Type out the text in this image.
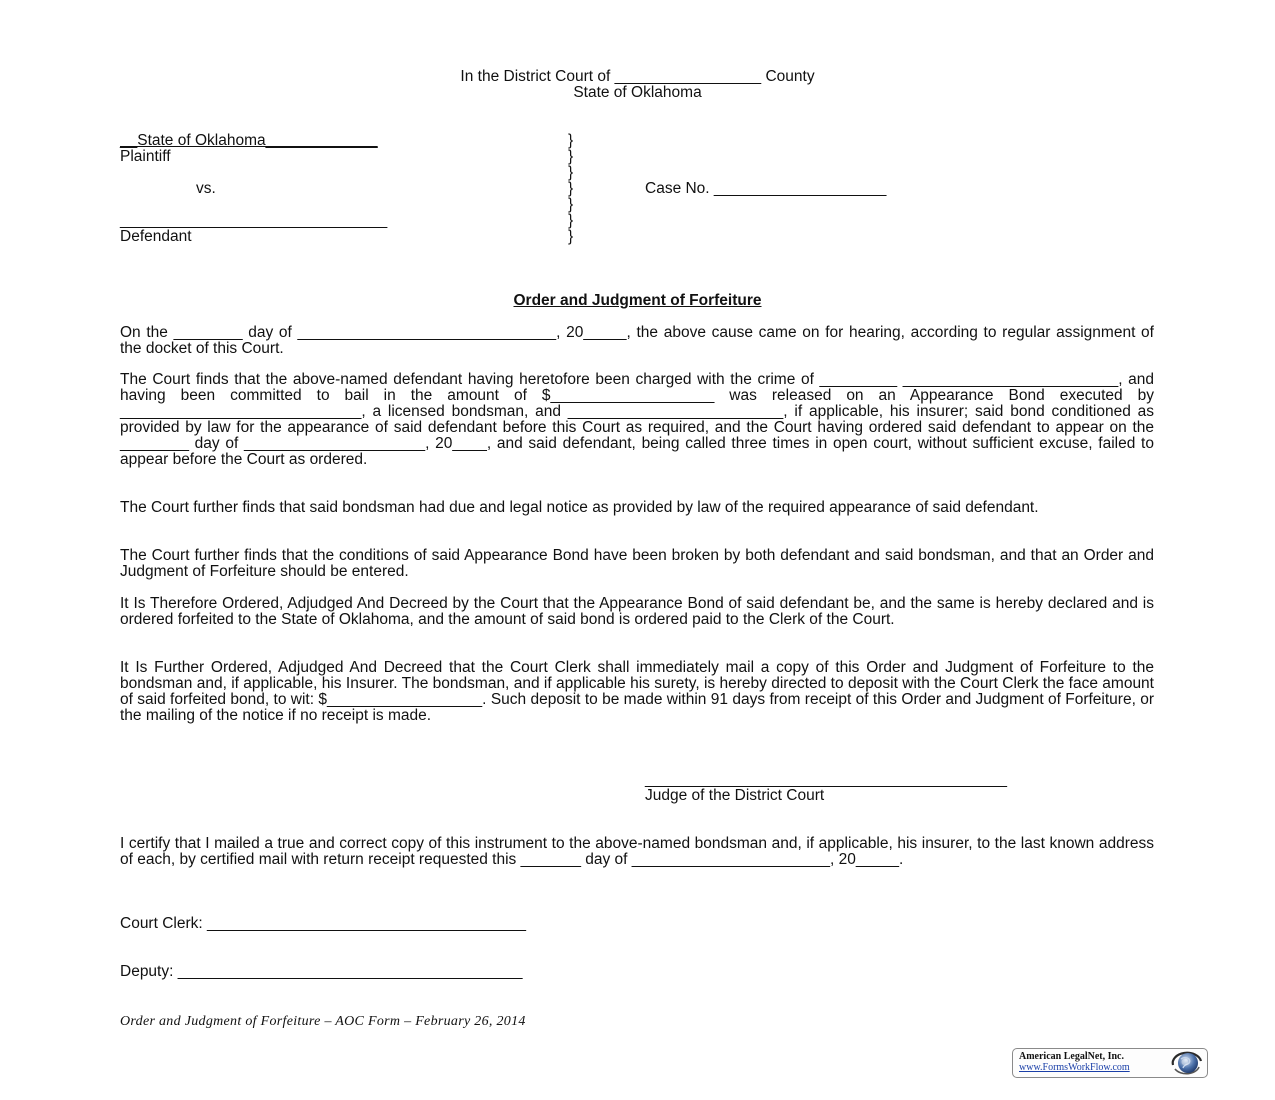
In the District Court of _________________ County
State of Oklahoma
__State of Oklahoma_____________
Plaintiff
vs.
_______________________________
Defendant
}
}
}
}
}
}
}
Case No. ____________________
Order and Judgment of Forfeiture
On the ________ day of ______________________________, 20_____, the above cause came on for hearing, according to regular assignment of the docket of this Court.
The Court finds that the above-named defendant having heretofore been charged with the crime of _________ _________________________, and having been committed to bail in the amount of $___________________ was released on an Appearance Bond executed by ____________________________, a licensed bondsman, and _________________________, if applicable, his insurer; said bond conditioned as provided by law for the appearance of said defendant before this Court as required, and the Court having ordered said defendant to appear on the ________ day of _____________________, 20____, and said defendant, being called three times in open court, without sufficient excuse, failed to appear before the Court as ordered.
The Court further finds that said bondsman had due and legal notice as provided by law of the required appearance of said defendant.
The Court further finds that the conditions of said Appearance Bond have been broken by both defendant and said bondsman, and that an Order and Judgment of Forfeiture should be entered.
It Is Therefore Ordered, Adjudged And Decreed by the Court that the Appearance Bond of said defendant be, and the same is hereby declared and is ordered forfeited to the State of Oklahoma, and the amount of said bond is ordered paid to the Clerk of the Court.
It Is Further Ordered, Adjudged And Decreed that the Court Clerk shall immediately mail a copy of this Order and Judgment of Forfeiture to the bondsman and, if applicable, his Insurer. The bondsman, and if applicable his surety, is hereby directed to deposit with the Court Clerk the face amount of said forfeited bond, to wit: $__________________. Such deposit to be made within 91 days from receipt of this Order and Judgment of Forfeiture, or the mailing of the notice if no receipt is made.
__________________________________________
Judge of the District Court
I certify that I mailed a true and correct copy of this instrument to the above-named bondsman and, if applicable, his insurer, to the last known address of each, by certified mail with return receipt requested this _______ day of _______________________, 20_____.
Court Clerk: _____________________________________
Deputy: ________________________________________
Order and Judgment of Forfeiture – AOC Form – February 26, 2014
American LegalNet, Inc.
www.FormsWorkFlow.com
